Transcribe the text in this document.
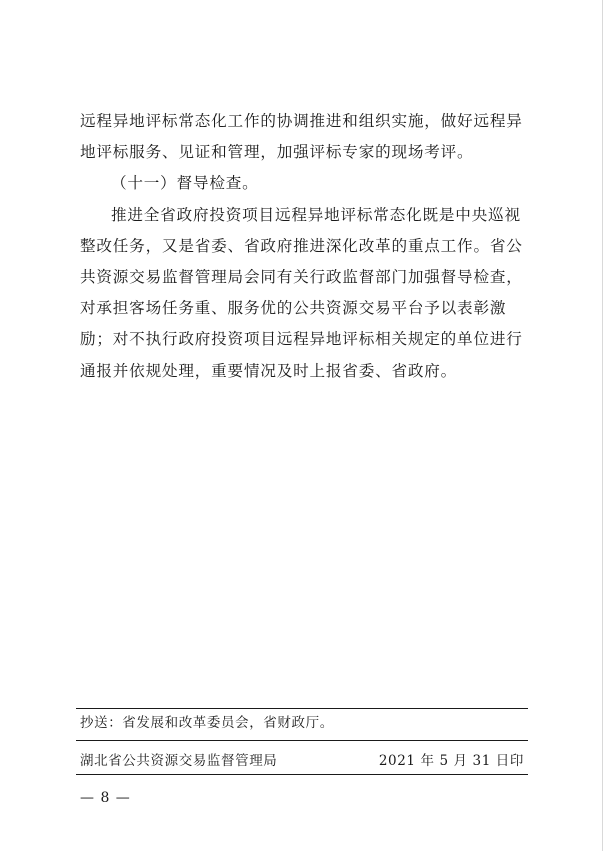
远程异地评标常态化工作的协调推进和组织实施，做好远程异地评标服务、见证和管理，加强评标专家的现场考评。

（十一）督导检查。

推进全省政府投资项目远程异地评标常态化既是中央巡视整改任务，又是省委、省政府推进深化改革的重点工作。省公共资源交易监督管理局会同有关行政监督部门加强督导检查，对承担客场任务重、服务优的公共资源交易平台予以表彰激励；对不执行政府投资项目远程异地评标相关规定的单位进行通报并依规处理，重要情况及时上报省委、省政府。

抄送：省发展和改革委员会，省财政厅。
湖北省公共资源交易监督管理局	2021 年 5 月 31 日印
— 8 —
